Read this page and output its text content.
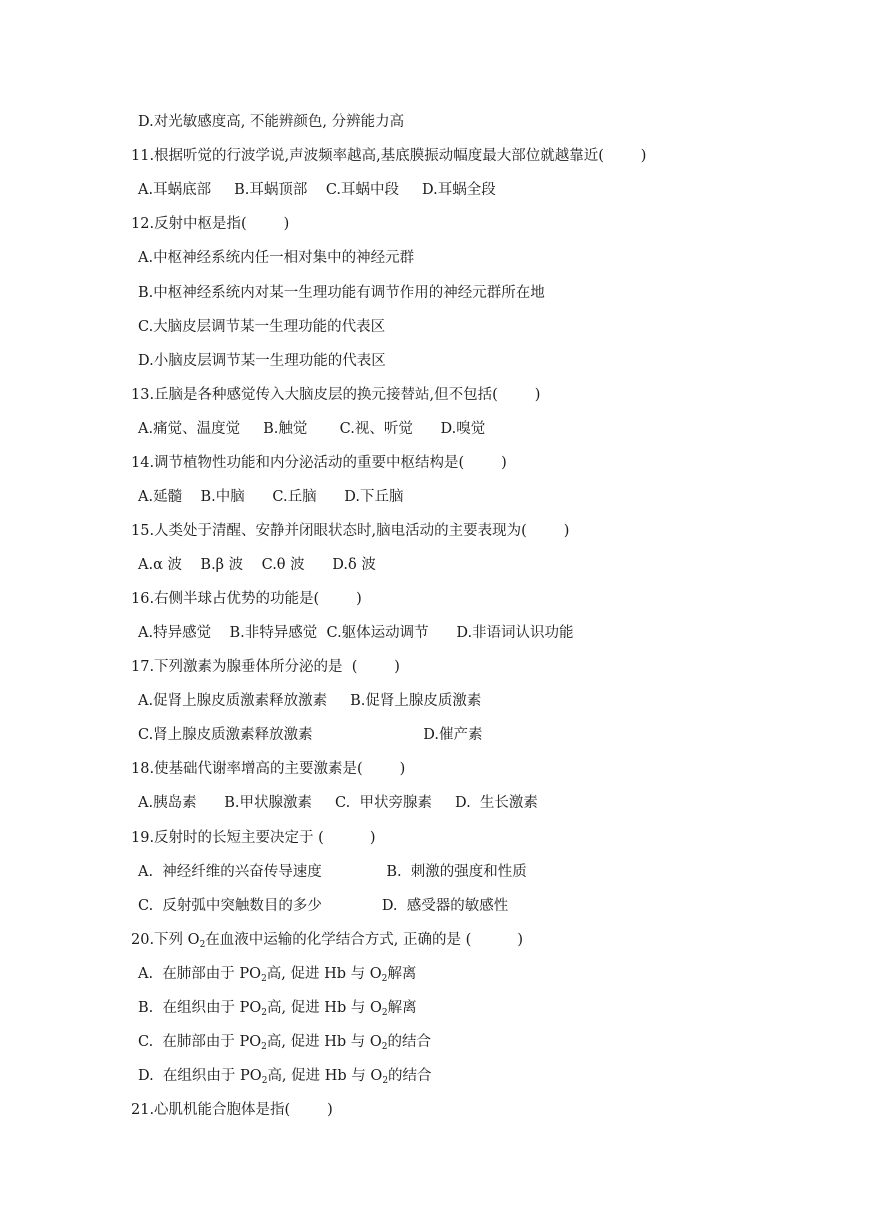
D.对光敏感度高, 不能辨颜色, 分辨能力高
11.根据听觉的行波学说,声波频率越高,基底膜振动幅度最大部位就越靠近(        )
A.耳蜗底部     B.耳蜗顶部    C.耳蜗中段     D.耳蜗全段
12.反射中枢是指(        )
A.中枢神经系统内任一相对集中的神经元群
B.中枢神经系统内对某一生理功能有调节作用的神经元群所在地
C.大脑皮层调节某一生理功能的代表区
D.小脑皮层调节某一生理功能的代表区
13.丘脑是各种感觉传入大脑皮层的换元接替站,但不包括(        )
A.痛觉、温度觉     B.触觉       C.视、听觉      D.嗅觉
14.调节植物性功能和内分泌活动的重要中枢结构是(        )
A.延髓    B.中脑      C.丘脑      D.下丘脑
15.人类处于清醒、安静并闭眼状态时,脑电活动的主要表现为(        )
A.α 波    B.β 波    C.θ 波      D.δ 波
16.右侧半球占优势的功能是(        )
A.特异感觉    B.非特异感觉  C.躯体运动调节      D.非语词认识功能
17.下列激素为腺垂体所分泌的是  (        )
A.促肾上腺皮质激素释放激素     B.促肾上腺皮质激素
C.肾上腺皮质激素释放激素                        D.催产素
18.使基础代谢率增高的主要激素是(        )
A.胰岛素      B.甲状腺激素     C.  甲状旁腺素     D.  生长激素
19.反射时的长短主要决定于 (          )
A.  神经纤维的兴奋传导速度              B.  刺激的强度和性质
C.  反射弧中突触数目的多少             D.  感受器的敏感性
20.下列 $O_2$在血液中运输的化学结合方式, 正确的是 (          )
A.  在肺部由于 $PO_2$高, 促进 Hb 与 $O_2$解离
B.  在组织由于 $PO_2$高, 促进 Hb 与 $O_2$解离
C.  在肺部由于 $PO_2$高, 促进 Hb 与 $O_2$的结合
D.  在组织由于 $PO_2$高, 促进 Hb 与 $O_2$的结合
21.心肌机能合胞体是指(        )
